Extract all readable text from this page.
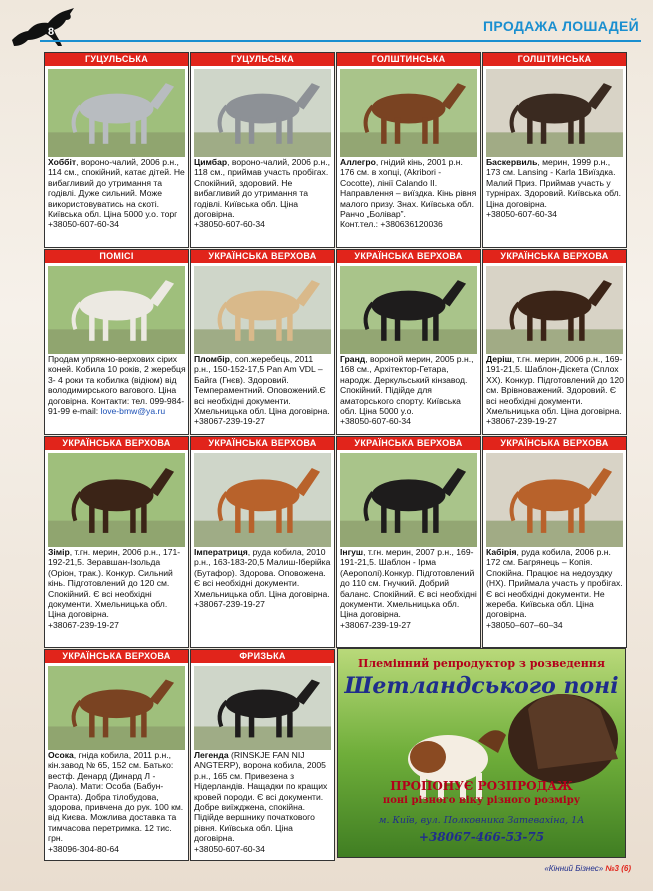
8	ПРОДАЖА ЛОШАДЕЙ
ГУЦУЛЬСЬКА
Хоббіт, вороно-чалий, 2006 р.н., 114 см., спокійний, катає дітей. Не вибагливий до утримання та годівлі. Дуже сильний. Може використовуватись на скоті. Київська обл. Ціна 5000 у.о. торг
+38050-607-60-34
ГУЦУЛЬСЬКА
Цимбар, вороно-чалий, 2006 р.н., 118 см., приймав участь пробігах. Спокійний, здоровий. Не вибагливий до утримання та годівлі. Київська обл. Ціна договірна.
+38050-607-60-34
ГОЛШТИНСЬКА
Аллегро, гнідий кінь, 2001 р.н. 176 см. в хопці, (Akribori - Cocotte), лінії Calando II. Направлення – виїздка. Кінь рівня малого призу. Знах. Київська обл. Ранчо „Болівар”.
Конт.тел.: +380636120036
ГОЛШТИНСЬКА
Баскервиль, мерин, 1999 р.н., 173 см. Lansing - Karla 1Виїздка. Малий Приз. Приймав участь у турнірах. Здоровий. Київська обл. Ціна договірна.
+38050-607-60-34
ПОМІСІ
Продам упряжно-верхових сірих коней. Кобила 10 років, 2 жеребця 3- 4 роки та кобилка (відіюм) від володимирського вагового. Ціна договірна. Контакти: тел. 099-984-91-99 e-mail: love-bmw@ya.ru
УКРАЇНСЬКА ВЕРХОВА
Пломбір, соп.жеребець, 2011 р.н., 150-152-17,5 Pan Am VDL – Байга (Гнєв). Здоровий. Темпераментний. Оповожений.Є всі необхідні документи. Хмельницька обл. Ціна договірна.
+38067-239-19-27
УКРАЇНСЬКА ВЕРХОВА
Гранд, вороной мерин, 2005 р.н., 168 см., Архітектор-Гетара, народж. Деркульський кінзавод. Спокійний. Підійде для аматорського спорту. Київська обл. Ціна 5000 у.о.
+38050-607-60-34
УКРАЇНСЬКА ВЕРХОВА
Деріш, т.гн. мерин, 2006 р.н., 169-191-21,5. Шаблон-Діскета (Сплох ХХ). Конкур. Підготовлений до 120 см. Врівноважений. Здоровий. Є всі необхідні документи. Хмельницька обл. Ціна договірна.
+38067-239-19-27
УКРАЇНСЬКА ВЕРХОВА
Зімір, т.гн. мерин, 2006 р.н., 171-192-21,5. Зеравшан-Ізольда (Оріон, трак.). Конкур. Сильний кінь. Підготовлений до 120 см. Спокійний. Є всі необхідні документи. Хмельницька обл. Ціна договірна.
+38067-239-19-27
УКРАЇНСЬКА ВЕРХОВА
Імператриця, руда кобила, 2010 р.н., 163-183-20,5 Малиш-Іберійка (Бутафор). Здорова. Оповожена. Є всі необхідні документи. Хмельницька обл. Ціна договірна.
+38067-239-19-27
УКРАЇНСЬКА ВЕРХОВА
Інгуш, т.гн. мерин, 2007 р.н., 169-191-21,5. Шаблон - Ірма (Аерополі).Конкур. Підготовлений до 110 см. Гнучкий. Добрий баланс. Спокійний. Є всі необхідні документи. Хмельницька обл. Ціна договірна.
+38067-239-19-27
УКРАЇНСЬКА ВЕРХОВА
Кабірія, руда кобила, 2006 р.н. 172 см. Багрянець – Копія. Спокійна. Працює на недоуздку (НХ). Приймала участь у пробігах. Є всі необхідні документи. Не жереба. Київська обл. Ціна договірна.
+38050–607–60–34
УКРАЇНСЬКА ВЕРХОВА
Осока, гніда кобила, 2011 р.н., кін.завод № 65, 152 см. Батько: вестф. Денард (Динард Л - Раола). Мати: Особа (Бабун-Оранта). Добра тілобудова, здорова, привчена до рук. 100 км. від Києва. Можлива доставка та тимчасова перетримка. 12 тис. грн.
+38096-304-80-64
ФРИЗЬКА
Легенда (RINSKJE FAN NIJ ANGTERP), ворона кобила, 2005 р.н., 165 см. Привезена з Нідерландів. Нащадки по кращих кровей породи. Є всі документи. Добре виїжджена, спокійна. Підійде вершнику початкового рівня. Київська обл. Ціна договірна.
+38050-607-60-34
Племінний репродуктор з розведення
Шетландського поні
ПРОПОНУЄ РОЗПРОДАЖ
поні різного віку різного розміру
м. Київ, вул. Полковника Затевахіна, 1А
+38067-466-53-75
«Кінний Бізнес» №3 (6)
